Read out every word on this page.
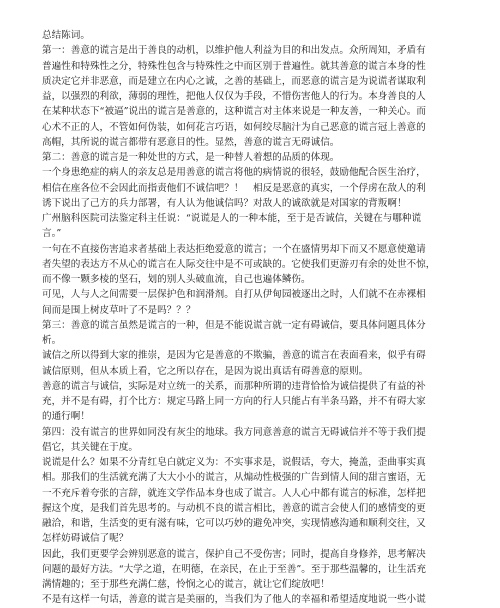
总结陈词。
第一：善意的谎言是出于善良的动机，以维护他人利益为目的和出发点。众所周知，矛盾有
普遍性和特殊性之分，特殊性包含与特殊性之中而区别于普遍性。就其善意的谎言本身的性
质决定它并非恶意，而是建立在内心之诚，之善的基础上，而恶意的谎言是为说谎者谋取利
益，以强烈的利欲，薄弱的理性，把他人仅仅为手段，不惜伤害他人的行为。本身善良的人
在某种状态下“被逼”说出的谎言是善意的，这种谎言对主体来说是一种友善，一种关心。而
心术不正的人，不管如何伪装，如何花言巧语，如何绞尽脑汁为自己恶意的谎言冠上善意的
高帽，其所说的谎言都带有恶意目的性。显然，善意的谎言无碍诚信。
第二：善意的谎言是一种处世的方式，是一种替人着想的品质的体现。
一个身患绝症的病人的亲友总是用善意的谎言将他的病情说的很轻，鼓励他配合医生治疗，
相信在座各位不会因此而指责他们不诚信吧？！　相反是恶意的真实，一个俘虏在敌人的利
诱下说出了己方的兵力部署，有人认为他诚信吗？对敌人的诚欲就是对国家的背叛啊！
广州脑科医院司法鉴定科主任说：“说谎是人的一种本能，至于是否诚信，关键在与哪种谎
言。”
一句在不直接伤害追求者基础上表达拒绝爱意的谎言；一个在盛情男却下而又不愿意使邀请
者失望的表达方不从心的谎言在人际交往中是不可或缺的。它使我们更游刃有余的处世不惊，
而不像一颗多棱的坚石，划的别人头破血流，自己也遍体鳞伤。
可见，人与人之间需要一层保护色和润滑剂。自打从伊甸园被逐出之时，人们就不在赤裸相
间而是围上树皮草叶了不是吗？？？
第三：善意的谎言虽然是谎言的一种，但是不能说谎言就一定有碍诚信，要具体问题具体分
析。
诚信之所以得到大家的推崇，是因为它是善意的不欺骗，善意的谎言在表面看来，似乎有碍
诚信原则，但从本质上看，它之所以存在，是因为说出真话有碍善意的原则。
善意的谎言与诚信，实际是对立统一的关系，而那种所谓的违背恰恰为诚信提供了有益的补
充，并不是有碍，打个比方：规定马路上同一方向的行人只能占有半条马路，并不有碍大家
的通行啊！
第四：没有谎言的世界如同没有灰尘的地球。我方同意善意的谎言无碍诚信并不等于我们提
倡它，其关键在于度。
说谎是什么？如果不分青红皂白就定义为：不实事求是，说假话，夸大，掩盖，歪曲事实真
相。那我们的生活就充满了大大小小的谎言，从煽动性极强的广告到情人间的甜言蜜语，无
一不充斥着夸张的言辞，就连文学作品本身也成了谎言。人人心中都有谎言的标准，怎样把
握这个度，是我们首先思考的。与动机不良的谎言相比，善意的谎言会使人们的感情变的更
融洽，和谐，生活变的更有滋有味，它可以巧妙的避免冲突，实现情感沟通和顺利交往，又
怎样妨碍诚信了呢？
因此，我们更要学会辨别恶意的谎言，保护自己不受伤害；同时，提高自身修养，思考解决
问题的最好方法。“大学之道，在明德，在亲民，在止于至善”。至于那些温馨的，让生活充
满情趣的；至于那些充满仁慈，怜悯之心的谎言，就让它们绽放吧！
不是有这样一句话，善意的谎言是美丽的，当我们为了他人的幸福和希望适度地说一些小谎
